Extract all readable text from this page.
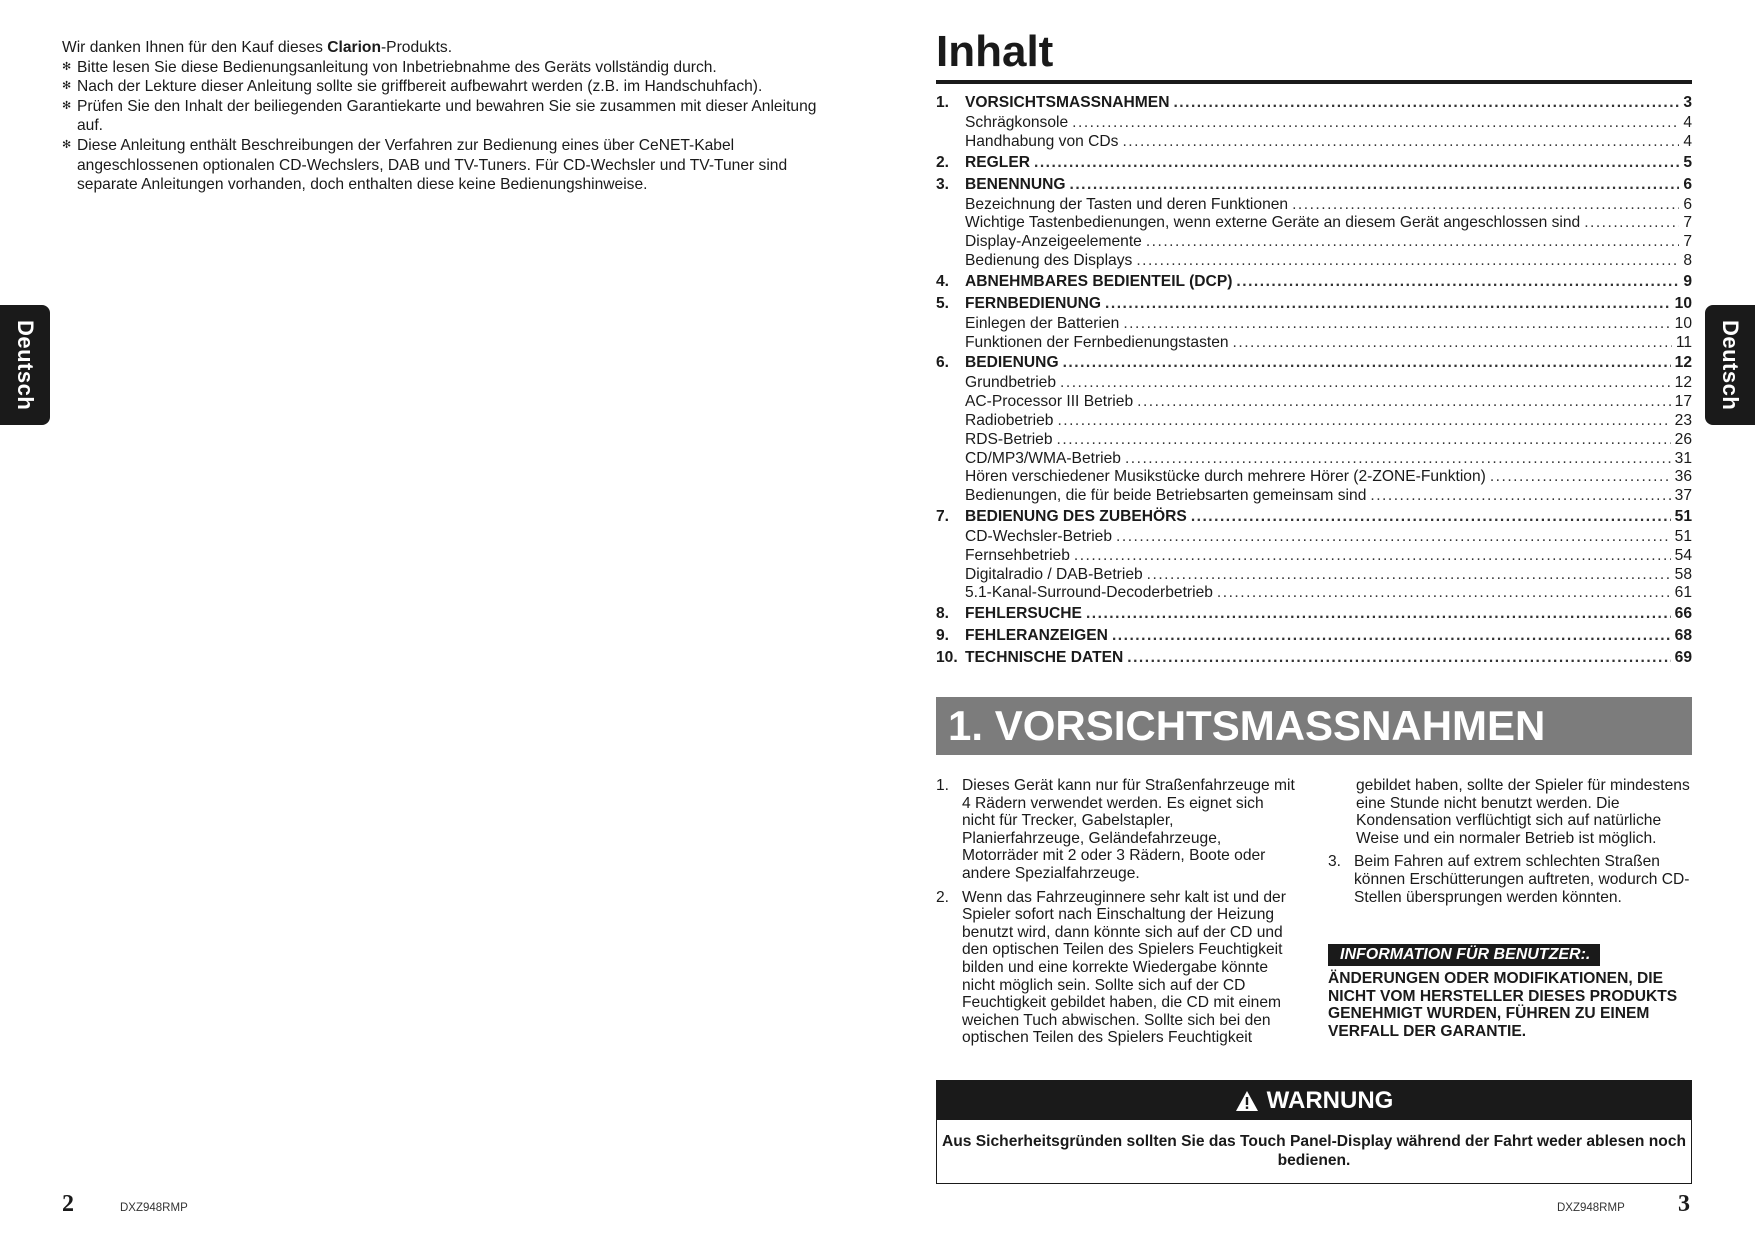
Wir danken Ihnen für den Kauf dieses Clarion-Produkts.

✻ Bitte lesen Sie diese Bedienungsanleitung von Inbetriebnahme des Geräts vollständig durch.
✻ Nach der Lekture dieser Anleitung sollte sie griffbereit aufbewahrt werden (z.B. im Handschuhfach).
✻ Prüfen Sie den Inhalt der beiliegenden Garantiekarte und bewahren Sie sie zusammen mit dieser Anleitung auf.
✻ Diese Anleitung enthält Beschreibungen der Verfahren zur Bedienung eines über CeNET-Kabel angeschlossenen optionalen CD-Wechslers, DAB und TV-Tuners. Für CD-Wechsler und TV-Tuner sind separate Anleitungen vorhanden, doch enthalten diese keine Bedienungshinweise.
Deutsch
2	DXZ948RMP
Inhalt
1.	VORSICHTSMASSNAHMEN .....	3
Schrägkonsole .....	4
Handhabung von CDs .....	4
2.	REGLER .....	5
3.	BENENNUNG .....	6
Bezeichnung der Tasten und deren Funktionen .....	6
Wichtige Tastenbedienungen, wenn externe Geräte an diesem Gerät angeschlossen sind .....	7
Display-Anzeigeelemente .....	7
Bedienung des Displays .....	8
4.	ABNEHMBARES BEDIENTEIL (DCP) .....	9
5.	FERNBEDIENUNG .....	10
Einlegen der Batterien .....	10
Funktionen der Fernbedienungstasten .....	11
6.	BEDIENUNG .....	12
Grundbetrieb .....	12
AC-Processor III Betrieb .....	17
Radiobetrieb .....	23
RDS-Betrieb .....	26
CD/MP3/WMA-Betrieb .....	31
Hören verschiedener Musikstücke durch mehrere Hörer (2-ZONE-Funktion) .....	36
Bedienungen, die für beide Betriebsarten gemeinsam sind .....	37
7.	BEDIENUNG DES ZUBEHÖRS .....	51
CD-Wechsler-Betrieb .....	51
Fernsehbetrieb .....	54
Digitalradio / DAB-Betrieb .....	58
5.1-Kanal-Surround-Decoderbetrieb .....	61
8.	FEHLERSUCHE .....	66
9.	FEHLERANZEIGEN .....	68
10. TECHNISCHE DATEN .....	69
1. VORSICHTSMASSNAHMEN
1. Dieses Gerät kann nur für Straßenfahrzeuge mit 4 Rädern verwendet werden. Es eignet sich nicht für Trecker, Gabelstapler, Planierfahrzeuge, Geländefahrzeuge, Motorräder mit 2 oder 3 Rädern, Boote oder andere Spezialfahrzeuge.
2. Wenn das Fahrzeuginnere sehr kalt ist und der Spieler sofort nach Einschaltung der Heizung benutzt wird, dann könnte sich auf der CD und den optischen Teilen des Spielers Feuchtigkeit bilden und eine korrekte Wiedergabe könnte nicht möglich sein. Sollte sich auf der CD Feuchtigkeit gebildet haben, die CD mit einem weichen Tuch abwischen. Sollte sich bei den optischen Teilen des Spielers Feuchtigkeit
gebildet haben, sollte der Spieler für mindestens eine Stunde nicht benutzt werden. Die Kondensation verflüchtigt sich auf natürliche Weise und ein normaler Betrieb ist möglich.
3. Beim Fahren auf extrem schlechten Straßen können Erschütterungen auftreten, wodurch CD-Stellen übersprungen werden könnten.
INFORMATION FÜR BENUTZER:.
ÄNDERUNGEN ODER MODIFIKATIONEN, DIE NICHT VOM HERSTELLER DIESES PRODUKTS GENEHMIGT WURDEN, FÜHREN ZU EINEM VERFALL DER GARANTIE.
WARNUNG
Aus Sicherheitsgründen sollten Sie das Touch Panel-Display während der Fahrt weder ablesen noch bedienen.
Deutsch
DXZ948RMP 3
